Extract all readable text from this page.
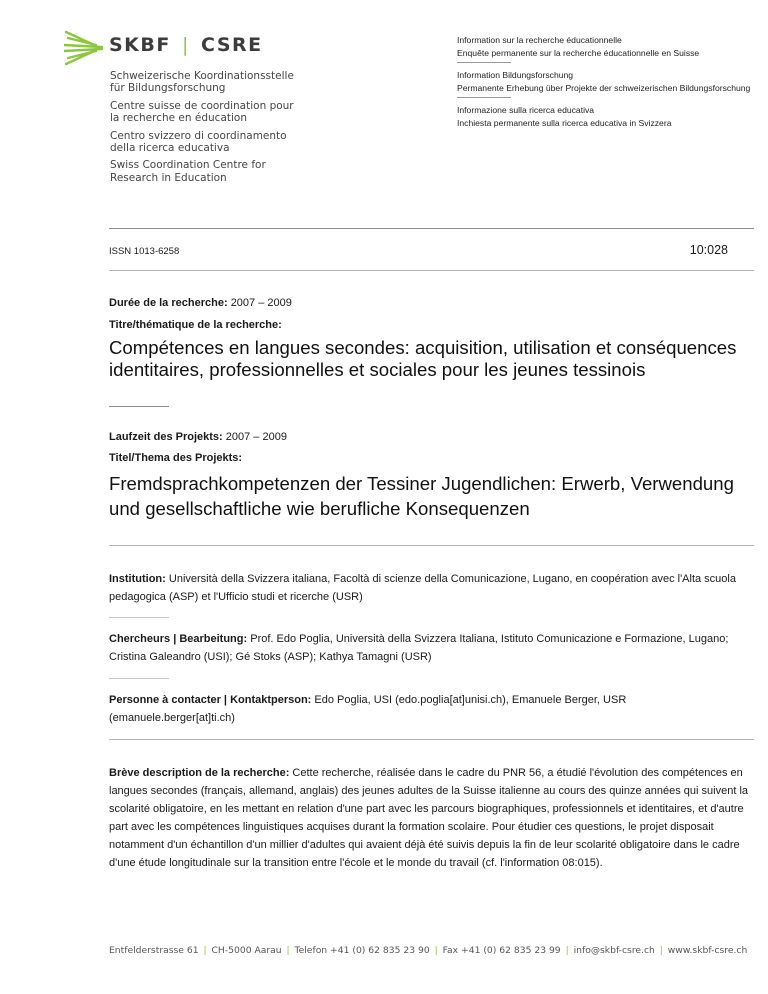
SKBF | CSRE
Schweizerische Koordinationsstelle
für Bildungsforschung
Centre suisse de coordination pour
la recherche en éducation
Centro svizzero di coordinamento
della ricerca educativa
Swiss Coordination Centre for
Research in Education
Information sur la recherche éducationnelle
Enquête permanente sur la recherche éducationnelle en Suisse
Information Bildungsforschung
Permanente Erhebung über Projekte der schweizerischen Bildungsforschung
Informazione sulla ricerca educativa
Inchiesta permanente sulla ricerca educativa in Svizzera
ISSN 1013-6258	10:028
Durée de la recherche: 2007 – 2009
Titre/thématique de la recherche:
Compétences en langues secondes: acquisition, utilisation et conséquences identitaires, professionnelles et sociales pour les jeunes tessinois
Laufzeit des Projekts: 2007 – 2009
Titel/Thema des Projekts:
Fremdsprachkompetenzen der Tessiner Jugendlichen: Erwerb, Verwendung und gesellschaftliche wie berufliche Konsequenzen
Institution: Università della Svizzera italiana, Facoltà di scienze della Comunicazione, Lugano, en coopération avec l'Alta scuola pedagogica (ASP) et l'Ufficio studi et ricerche (USR)
Chercheurs | Bearbeitung: Prof. Edo Poglia, Università della Svizzera Italiana, Istituto Comunicazione e Formazione, Lugano; Cristina Galeandro (USI); Gé Stoks (ASP); Kathya Tamagni (USR)
Personne à contacter | Kontaktperson: Edo Poglia, USI (edo.poglia[at]unisi.ch), Emanuele Berger, USR (emanuele.berger[at]ti.ch)
Brève description de la recherche: Cette recherche, réalisée dans le cadre du PNR 56, a étudié l'évolution des compétences en langues secondes (français, allemand, anglais) des jeunes adultes de la Suisse italienne au cours des quinze années qui suivent la scolarité obligatoire, en les mettant en relation d'une part avec les parcours biographiques, professionnels et identitaires, et d'autre part avec les compétences linguistiques acquises durant la formation scolaire. Pour étudier ces questions, le projet disposait notamment d'un échantillon d'un millier d'adultes qui avaient déjà été suivis depuis la fin de leur scolarité obligatoire dans le cadre d'une étude longitudinale sur la transition entre l'école et le monde du travail (cf. l'information 08:015).
Entfelderstrasse 61 | CH-5000 Aarau | Telefon +41 (0) 62 835 23 90 | Fax +41 (0) 62 835 23 99 | info@skbf-csre.ch | www.skbf-csre.ch
